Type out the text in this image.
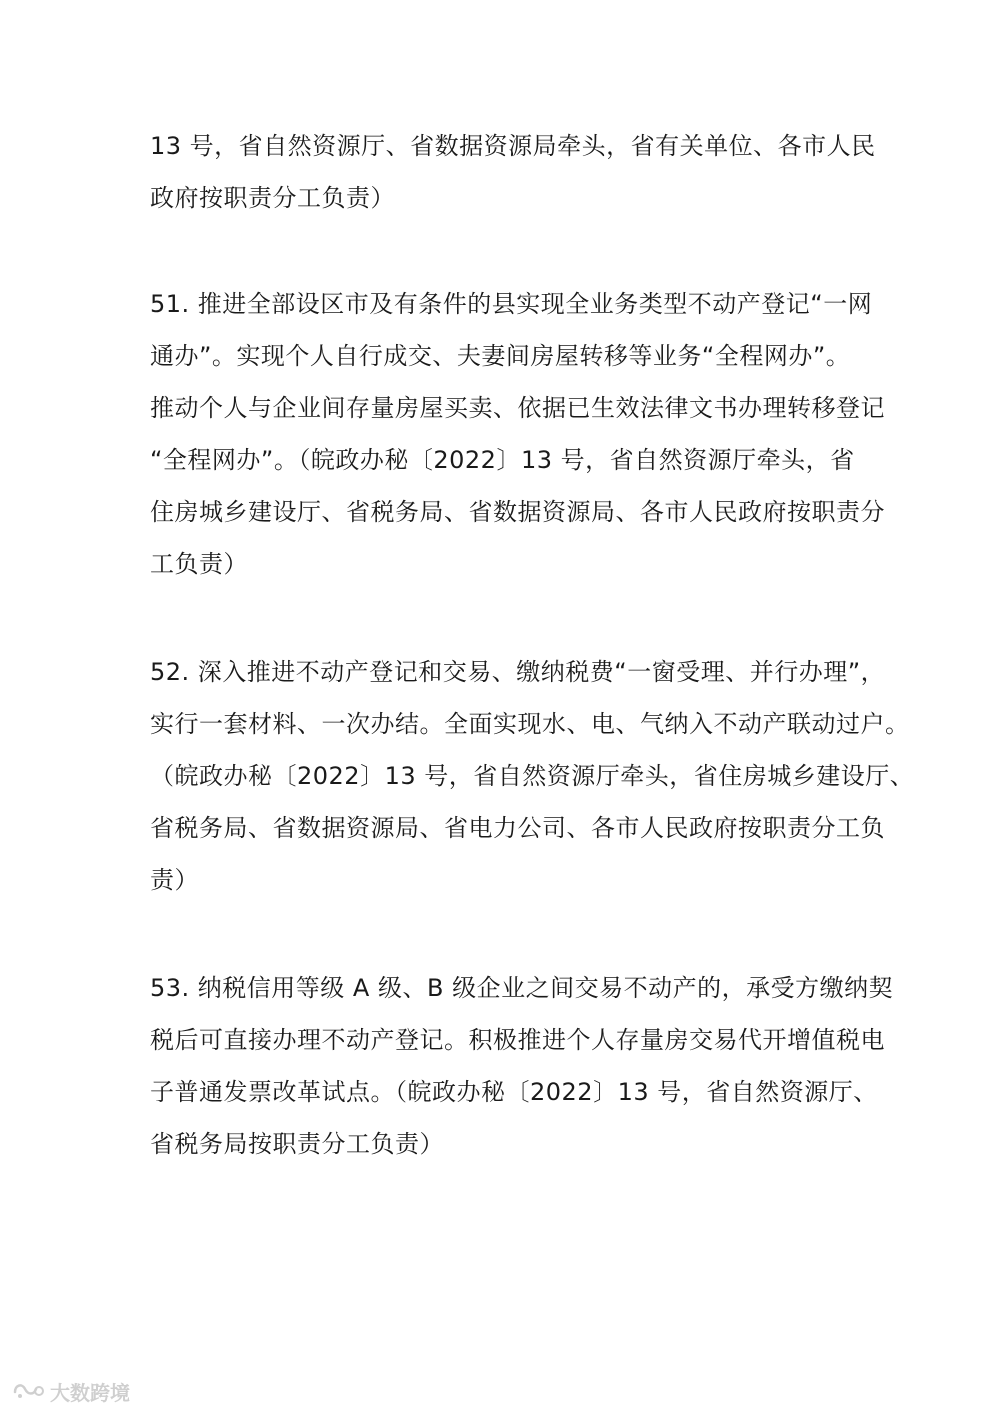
13 号，省自然资源厅、省数据资源局牵头，省有关单位、各市人民
政府按职责分工负责）
51. 推进全部设区市及有条件的县实现全业务类型不动产登记“一网
通办”。实现个人自行成交、夫妻间房屋转移等业务“全程网办”。
推动个人与企业间存量房屋买卖、依据已生效法律文书办理转移登记
“全程网办”。（皖政办秘〔2022〕13 号，省自然资源厅牵头，省
住房城乡建设厅、省税务局、省数据资源局、各市人民政府按职责分
工负责）
52. 深入推进不动产登记和交易、缴纳税费“一窗受理、并行办理”，
实行一套材料、一次办结。全面实现水、电、气纳入不动产联动过户。
（皖政办秘〔2022〕13 号，省自然资源厅牵头，省住房城乡建设厅、
省税务局、省数据资源局、省电力公司、各市人民政府按职责分工负
责）
53. 纳税信用等级 A 级、B 级企业之间交易不动产的，承受方缴纳契
税后可直接办理不动产登记。积极推进个人存量房交易代开增值税电
子普通发票改革试点。（皖政办秘〔2022〕13 号，省自然资源厅、
省税务局按职责分工负责）
大数跨境
